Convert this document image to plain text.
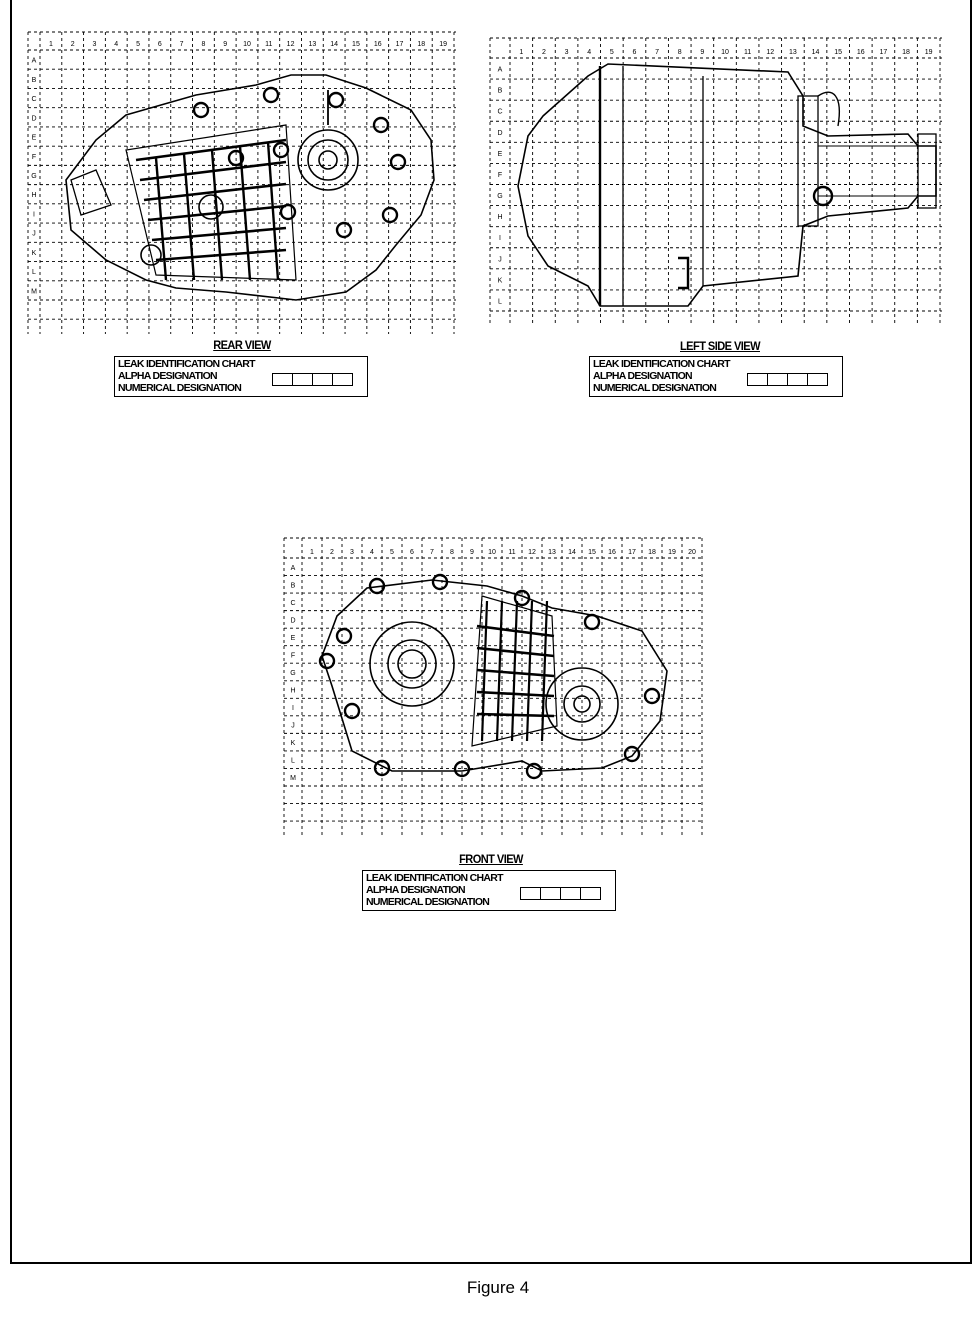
1	2	3	4	5	6	7	8	9 10 11 12 13 14 15 16 17 18 19
A
B
C
D
E
F
G
H
I
J
K
L
M
REAR VIEW
LEAK IDENTIFICATION CHART
ALPHA DESIGNATION
NUMERICAL DESIGNATION
1	2	3	4	5	6	7	8	9 10 11 12 13 14 15 16 17 18 19
A
B
C
D
E
F
G
H
I
J
K
L
LEFT SIDE VIEW
LEAK IDENTIFICATION CHART
ALPHA DESIGNATION
NUMERICAL DESIGNATION
1 2 3 4 5 6 7 8 9 10 11 12 13 14 15 16 17 18 19 20
A
B
C
D
E
F
G
H
I
J
K
L
M
FRONT VIEW
LEAK IDENTIFICATION CHART
ALPHA DESIGNATION
NUMERICAL DESIGNATION
Figure 4
